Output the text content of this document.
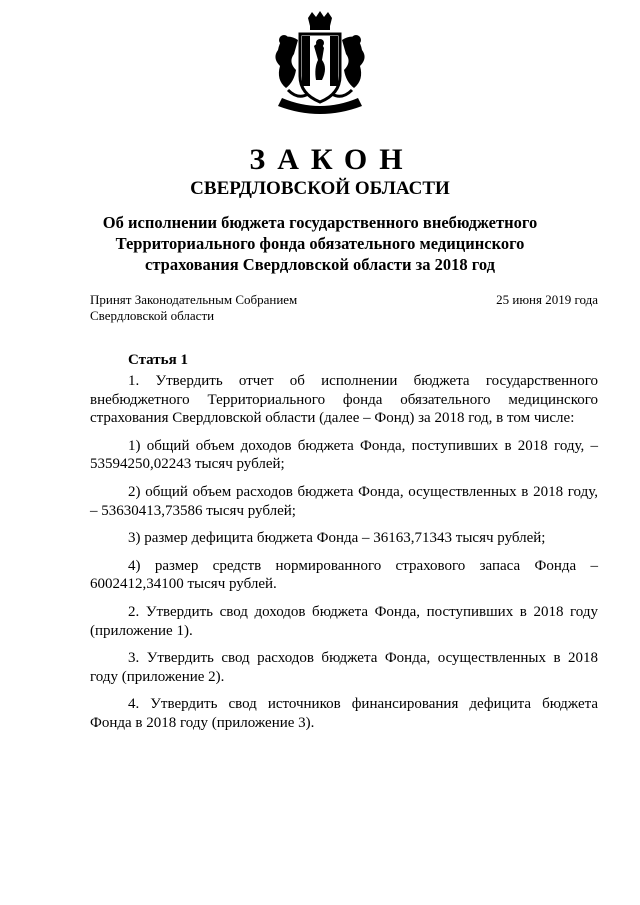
ЗАКОН
СВЕРДЛОВСКОЙ ОБЛАСТИ
Об исполнении бюджета государственного внебюджетного
Территориального фонда обязательного медицинского
страхования Свердловской области за 2018 год
Принят Законодательным Собранием
Свердловской области
25 июня 2019 года
Статья 1

1. Утвердить отчет об исполнении бюджета государственного внебюджетного Территориального фонда обязательного медицинского страхования Свердловской области (далее – Фонд) за 2018 год, в том числе:

1) общий объем доходов бюджета Фонда, поступивших в 2018 году, – 53594250,02243 тысяч рублей;

2) общий объем расходов бюджета Фонда, осуществленных в 2018 году, – 53630413,73586 тысяч рублей;

3) размер дефицита бюджета Фонда – 36163,71343 тысяч рублей;

4) размер средств нормированного страхового запаса Фонда – 6002412,34100 тысяч рублей.

2. Утвердить свод доходов бюджета Фонда, поступивших в 2018 году (приложение 1).

3. Утвердить свод расходов бюджета Фонда, осуществленных в 2018 году (приложение 2).

4. Утвердить свод источников финансирования дефицита бюджета Фонда в 2018 году (приложение 3).
